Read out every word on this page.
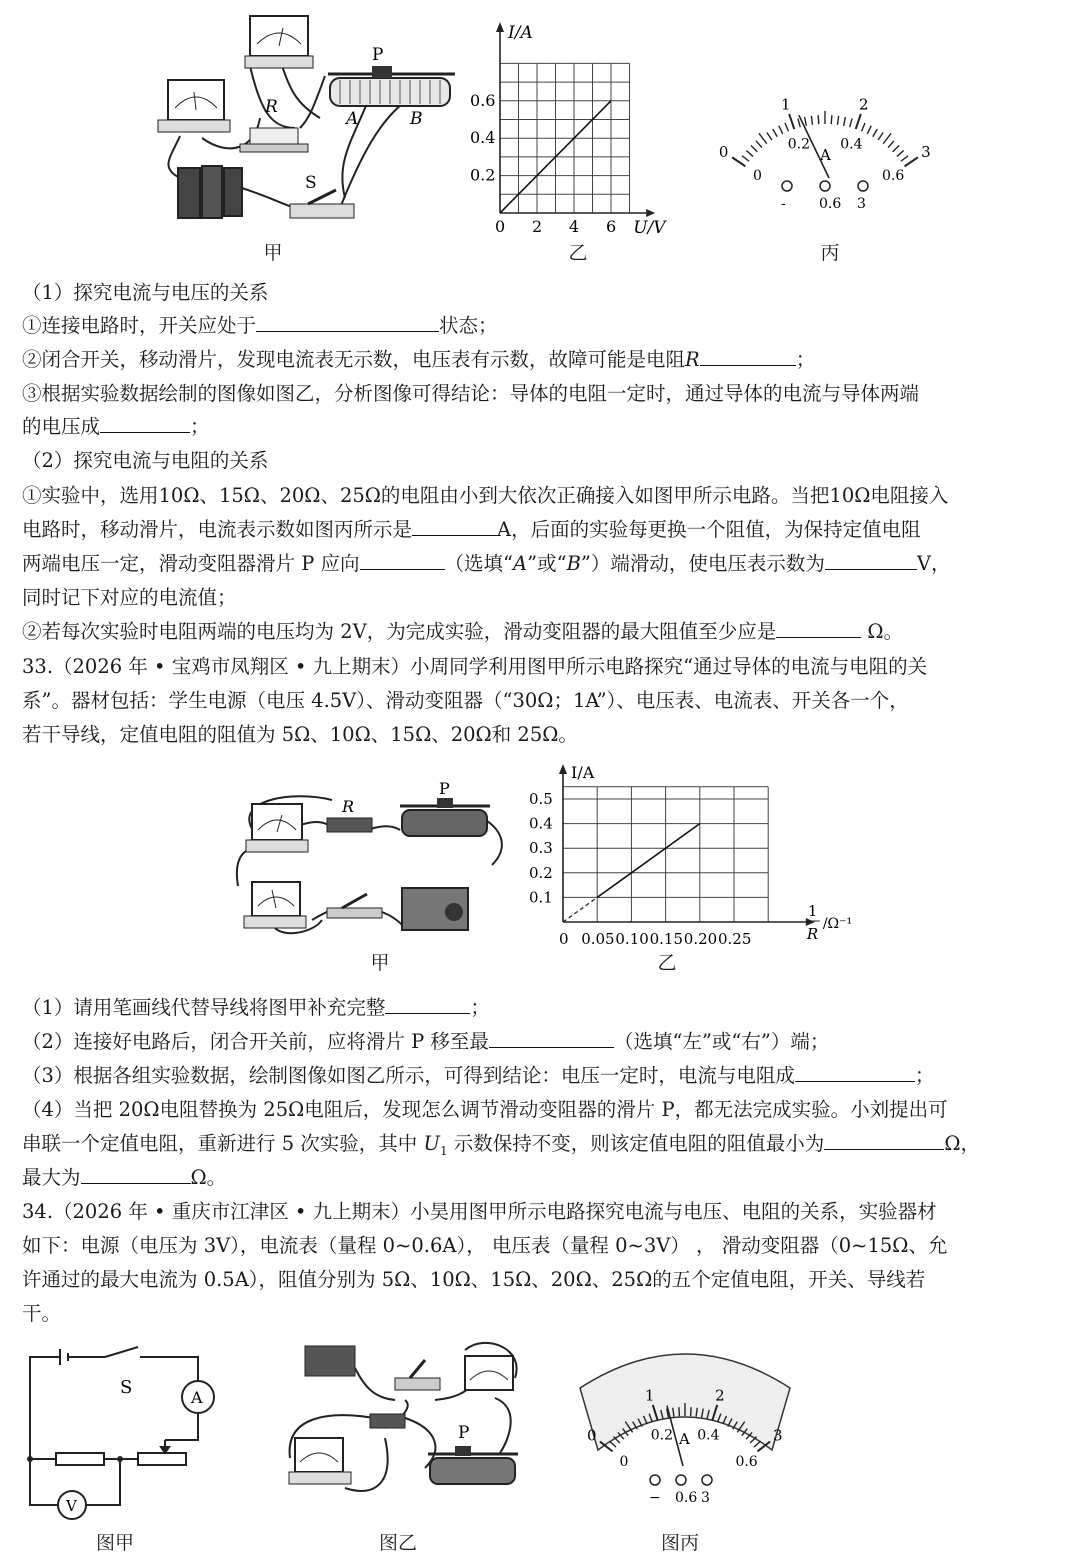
R
P
A	B
S
甲
0 2 4 6
0.2
0.4
0.6
I/A
U/V
乙
0
1	2
3
0
0.2 0.4
0.6
A
- 0.6 3
丙
（1）探究电流与电压的关系
①连接电路时，开关应处于	状态；
②闭合开关，移动滑片，发现电流表无示数，电压表有示数，故障可能是电阻R	；
③根据实验数据绘制的图像如图乙，分析图像可得结论：导体的电阻一定时，通过导体的电流与导体两端
的电压成	；
（2）探究电流与电阻的关系
①实验中，选用10Ω、15Ω、20Ω、25Ω的电阻由小到大依次正确接入如图甲所示电路。当把10Ω电阻接入
电路时，移动滑片，电流表示数如图丙所示是	A，后面的实验每更换一个阻值，为保持定值电阻
两端电压一定，滑动变阻器滑片 P 应向	（选填“A”或“B”）端滑动，使电压表示数为	V，
同时记下对应的电流值；
②若每次实验时电阻两端的电压均为 2V，为完成实验，滑动变阻器的最大阻值至少应是	Ω。
33.（2026 年 • 宝鸡市凤翔区 • 九上期末）小周同学利用图甲所示电路探究“通过导体的电流与电阻的关
系”。器材包括：学生电源（电压 4.5V）、滑动变阻器（“30Ω；1A”）、电压表、电流表、开关各一个，
若干导线，定值电阻的阻值为 5Ω、10Ω、15Ω、20Ω和 25Ω。
R
P
甲
0 0.05 0.10 0.15 0.20 0.25
0.1
0.2
0.3
0.4
0.5
I/A
1
R
/Ω⁻¹
乙
（1）请用笔画线代替导线将图甲补充完整	；
（2）连接好电路后，闭合开关前，应将滑片 P 移至最	（选填“左”或“右”）端；
（3）根据各组实验数据，绘制图像如图乙所示，可得到结论：电压一定时，电流与电阻成	；
（4）当把 20Ω电阻替换为 25Ω电阻后，发现怎么调节滑动变阻器的滑片 P，都无法完成实验。小刘提出可
串联一个定值电阻，重新进行 5 次实验，其中 $U_1$ 示数保持不变，则该定值电阻的阻值最小为	Ω，
最大为	Ω。
34.（2026 年 • 重庆市江津区 • 九上期末）小昊用图甲所示电路探究电流与电压、电阻的关系，实验器材
如下：电源（电压为 3V），电流表（量程 0~0.6A）， 电压表（量程 0~3V） ， 滑动变阻器（0~15Ω、允
许通过的最大电流为 0.5A），阻值分别为 5Ω、10Ω、15Ω、20Ω、25Ω的五个定值电阻，开关、导线若
干。
S	A
V
图甲
P
图乙
0
1	2
3
0
0.2 0.4
0.6
A
− 0.6 3
图丙
